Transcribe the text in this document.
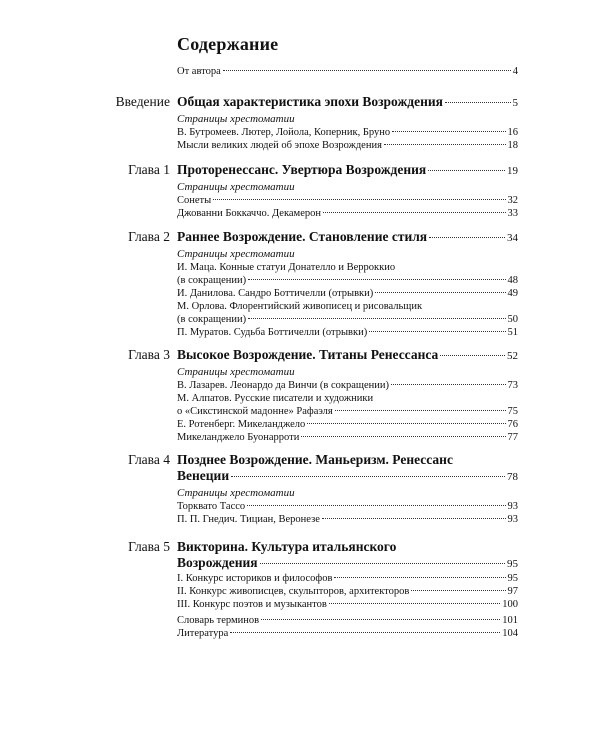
Содержание
От автора	4
Введение Общая характеристика эпохи Возрождения	5
Страницы хрестоматии
В. Бутромеев. Лютер, Лойола, Коперник, Бруно	16
Мысли великих людей об эпохе Возрождения	18
Глава 1 Проторенессанс. Увертюра Возрождения	19
Страницы хрестоматии
Сонеты	32
Джованни Боккаччо. Декамерон	33
Глава 2 Раннее Возрождение. Становление стиля	34
Страницы хрестоматии
И. Маца. Конные статуи Донателло и Верроккио
(в сокращении)	48
И. Данилова. Сандро Боттичелли (отрывки)	49
М. Орлова. Флорентийский живописец и рисовальщик
(в сокращении)	50
П. Муратов. Судьба Боттичелли (отрывки)	51
Глава 3 Высокое Возрождение. Титаны Ренессанса	52
Страницы хрестоматии
В. Лазарев. Леонардо да Винчи (в сокращении)	73
М. Алпатов. Русские писатели и художники
о «Сикстинской мадонне» Рафаэля	75
Е. Ротенберг. Микеланджело	76
Микеланджело Буонарроти	77
Глава 4 Позднее Возрождение. Маньеризм. Ренессанс
Венеции	78
Страницы хрестоматии
Торквато Тассо	93
П. П. Гнедич. Тициан, Веронезе	93
Глава 5 Викторина. Культура итальянского
Возрождения	95
I. Конкурс историков и философов	95
II. Конкурс живописцев, скульпторов, архитекторов	97
III. Конкурс поэтов и музыкантов	100
Словарь терминов	101
Литература	104
